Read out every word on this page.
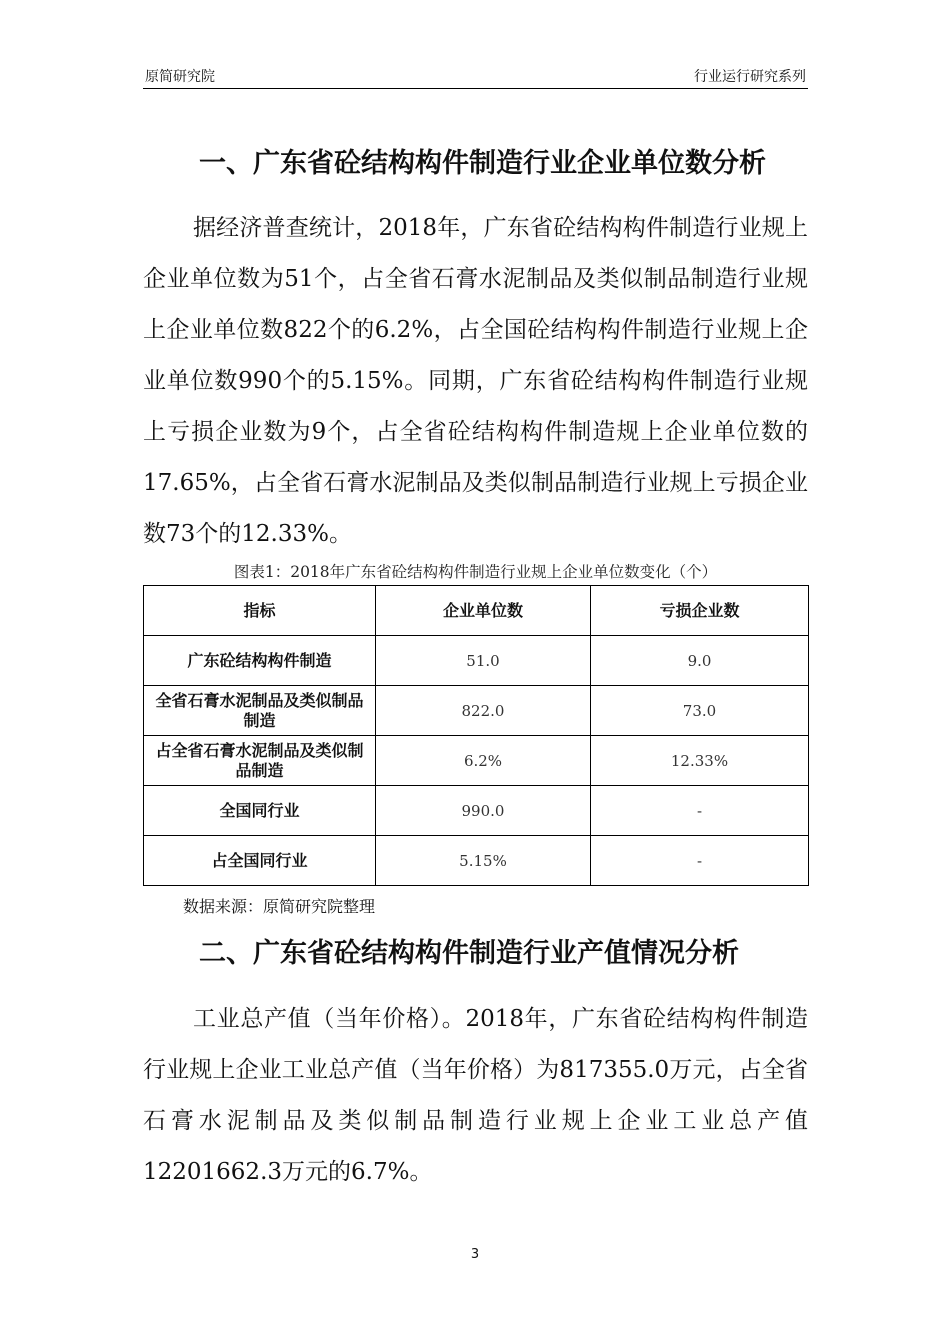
原简研究院	行业运行研究系列
一、广东省砼结构构件制造行业企业单位数分析

据经济普查统计，2018年，广东省砼结构构件制造行业规上企业单位数为51个，占全省石膏水泥制品及类似制品制造行业规上企业单位数822个的6.2%，占全国砼结构构件制造行业规上企业单位数990个的5.15%。同期，广东省砼结构构件制造行业规上亏损企业数为9个，占全省砼结构构件制造规上企业单位数的17.65%，占全省石膏水泥制品及类似制品制造行业规上亏损企业数73个的12.33%。

图表1：2018年广东省砼结构构件制造行业规上企业单位数变化（个）
指标	企业单位数	亏损企业数
广东砼结构构件制造	51.0	9.0
全省石膏水泥制品及类似制品制造	822.0	73.0
占全省石膏水泥制品及类似制品制造	6.2%	12.33%
全国同行业	990.0	-
占全国同行业	5.15%	-
数据来源：原简研究院整理
二、广东省砼结构构件制造行业产值情况分析

工业总产值（当年价格）。2018年，广东省砼结构构件制造行业规上企业工业总产值（当年价格）为817355.0万元，占全省石膏水泥制品及类似制品制造行业规上企业工业总产值12201662.3万元的6.7%。

3
